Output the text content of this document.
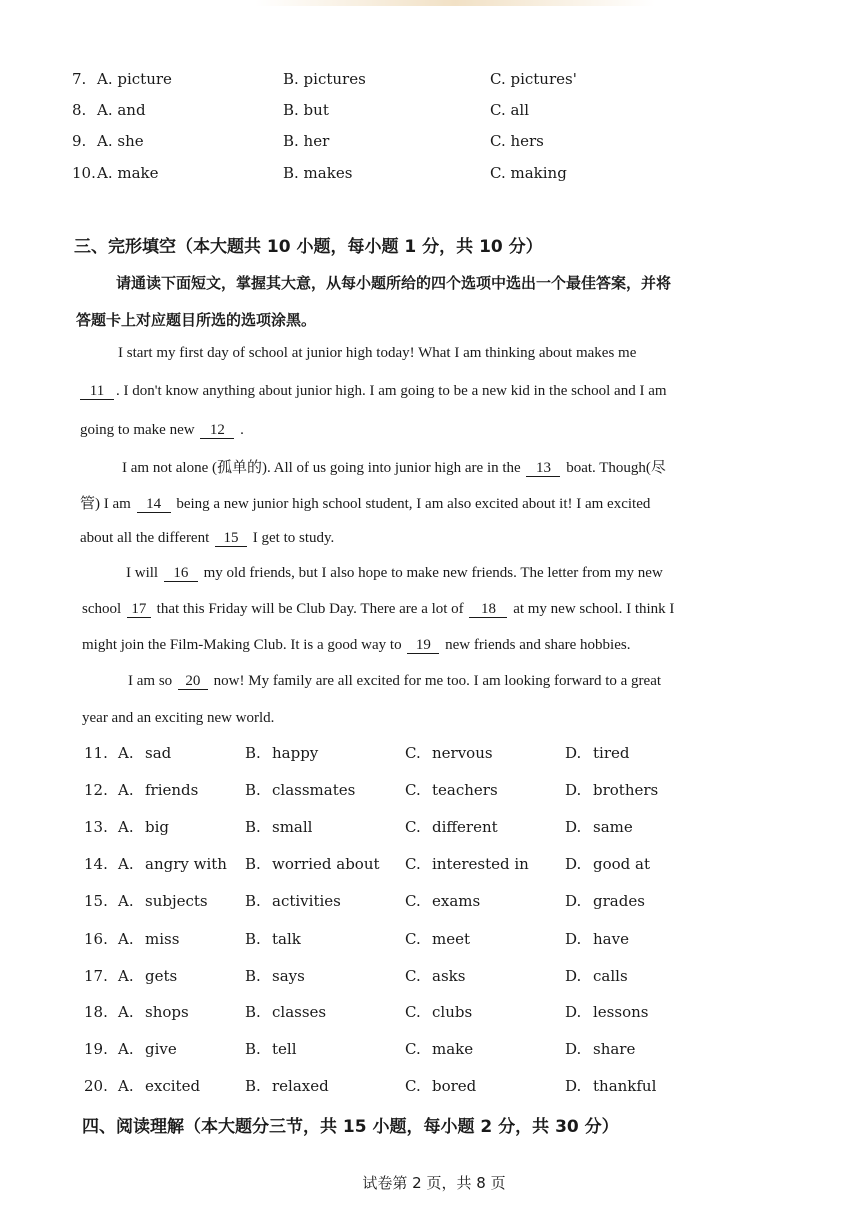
7. A. picture	B. pictures	C. pictures'
8. A. and	B. but	C. all
9. A. she	B. her	C. hers
10. A. make	B. makes	C. making
三、完形填空（本大题共 10 小题，每小题 1 分，共 10 分）
请通读下面短文，掌握其大意，从每小题所给的四个选项中选出一个最佳答案，并将
答题卡上对应题目所选的选项涂黑。
I start my first day of school at junior high today! What I am thinking about makes me
11 . I don't know anything about junior high. I am going to be a new kid in the school and I am
going to make new 12 .
I am not alone (孤单的). All of us going into junior high are in the 13 boat. Though(尽
管) I am 14 being a new junior high school student, I am also excited about it! I am excited
about all the different 15 I get to study.
I will 16 my old friends, but I also hope to make new friends. The letter from my new
school 17 that this Friday will be Club Day. There are a lot of 18 at my new school. I think I
might join the Film-Making Club. It is a good way to 19 new friends and share hobbies.
I am so 20 now! My family are all excited for me too. I am looking forward to a great
year and an exciting new world.
11. A. sad	B. happy	C. nervous	D. tired
12. A. friends	B. classmates	C. teachers	D. brothers
13. A. big	B. small	C. different	D. same
14. A. angry with B. worried about C. interested in D. good at
15. A. subjects B. activities	C. exams	D. grades
16. A. miss	B. talk	C. meet	D. have
17. A. gets	B. says	C. asks	D. calls
18. A. shops	B. classes	C. clubs	D. lessons
19. A. give	B. tell	C. make	D. share
20. A. excited	B. relaxed	C. bored	D. thankful
四、阅读理解（本大题分三节，共 15 小题，每小题 2 分，共 30 分）
试卷第 2 页，共 8 页
